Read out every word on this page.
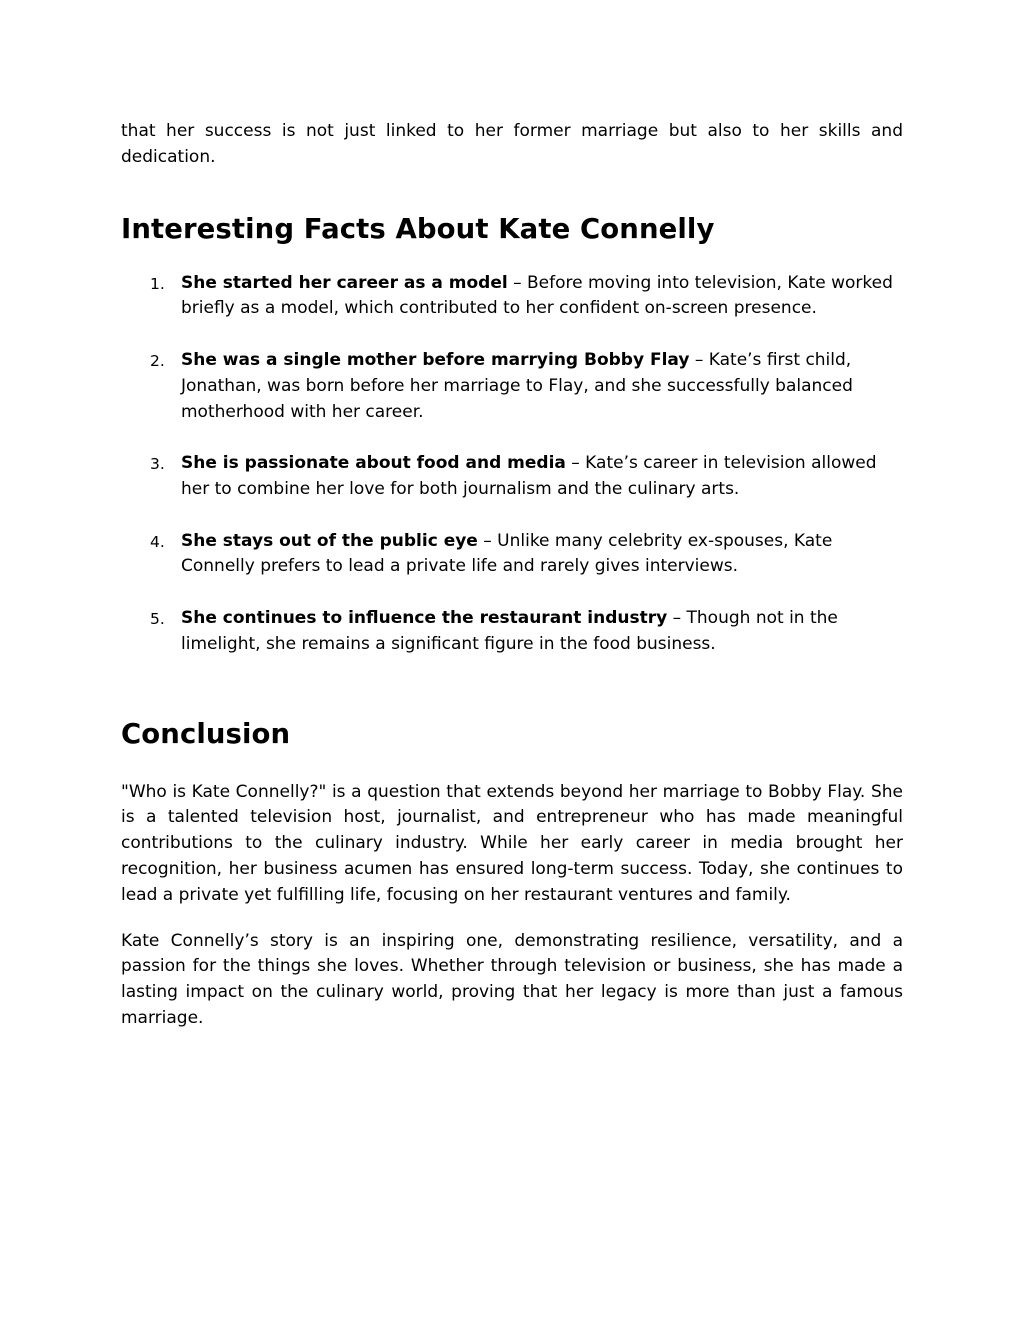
that her success is not just linked to her former marriage but also to her skills and dedication.

Interesting Facts About Kate Connelly
1. She started her career as a model – Before moving into television, Kate worked briefly as a model, which contributed to her confident on-screen presence.
2. She was a single mother before marrying Bobby Flay – Kate’s first child, Jonathan, was born before her marriage to Flay, and she successfully balanced motherhood with her career.
3. She is passionate about food and media – Kate’s career in television allowed her to combine her love for both journalism and the culinary arts.
4. She stays out of the public eye – Unlike many celebrity ex-spouses, Kate Connelly prefers to lead a private life and rarely gives interviews.
5. She continues to influence the restaurant industry – Though not in the limelight, she remains a significant figure in the food business.
Conclusion

"Who is Kate Connelly?" is a question that extends beyond her marriage to Bobby Flay. She is a talented television host, journalist, and entrepreneur who has made meaningful contributions to the culinary industry. While her early career in media brought her recognition, her business acumen has ensured long-term success. Today, she continues to lead a private yet fulfilling life, focusing on her restaurant ventures and family.

Kate Connelly’s story is an inspiring one, demonstrating resilience, versatility, and a passion for the things she loves. Whether through television or business, she has made a lasting impact on the culinary world, proving that her legacy is more than just a famous marriage.
